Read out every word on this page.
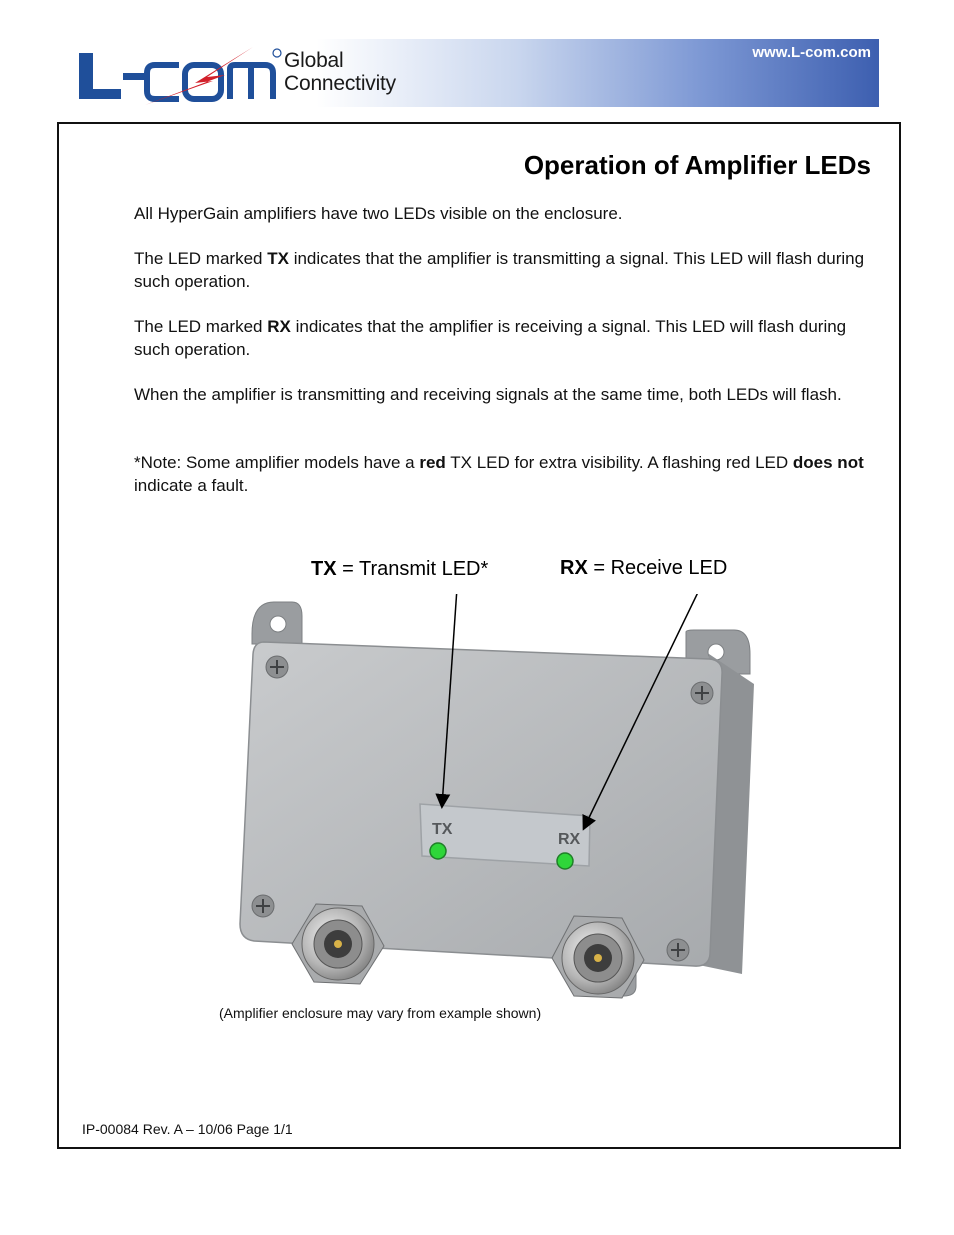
Global
Connectivity
www.L-com.com
Operation of Amplifier LEDs

All HyperGain amplifiers have two LEDs visible on the enclosure.

The LED marked TX indicates that the amplifier is transmitting a signal. This LED will flash during such operation.

The LED marked RX indicates that the amplifier is receiving a signal. This LED will flash during such operation.

When the amplifier is transmitting and receiving signals at the same time, both LEDs will flash.

*Note: Some amplifier models have a red TX LED for extra visibility. A flashing red LED does not indicate a fault.

TX = Transmit LED*	RX = Receive LED
TX
RX
(Amplifier enclosure may vary from example shown)
IP-00084 Rev. A – 10/06 Page 1/1
